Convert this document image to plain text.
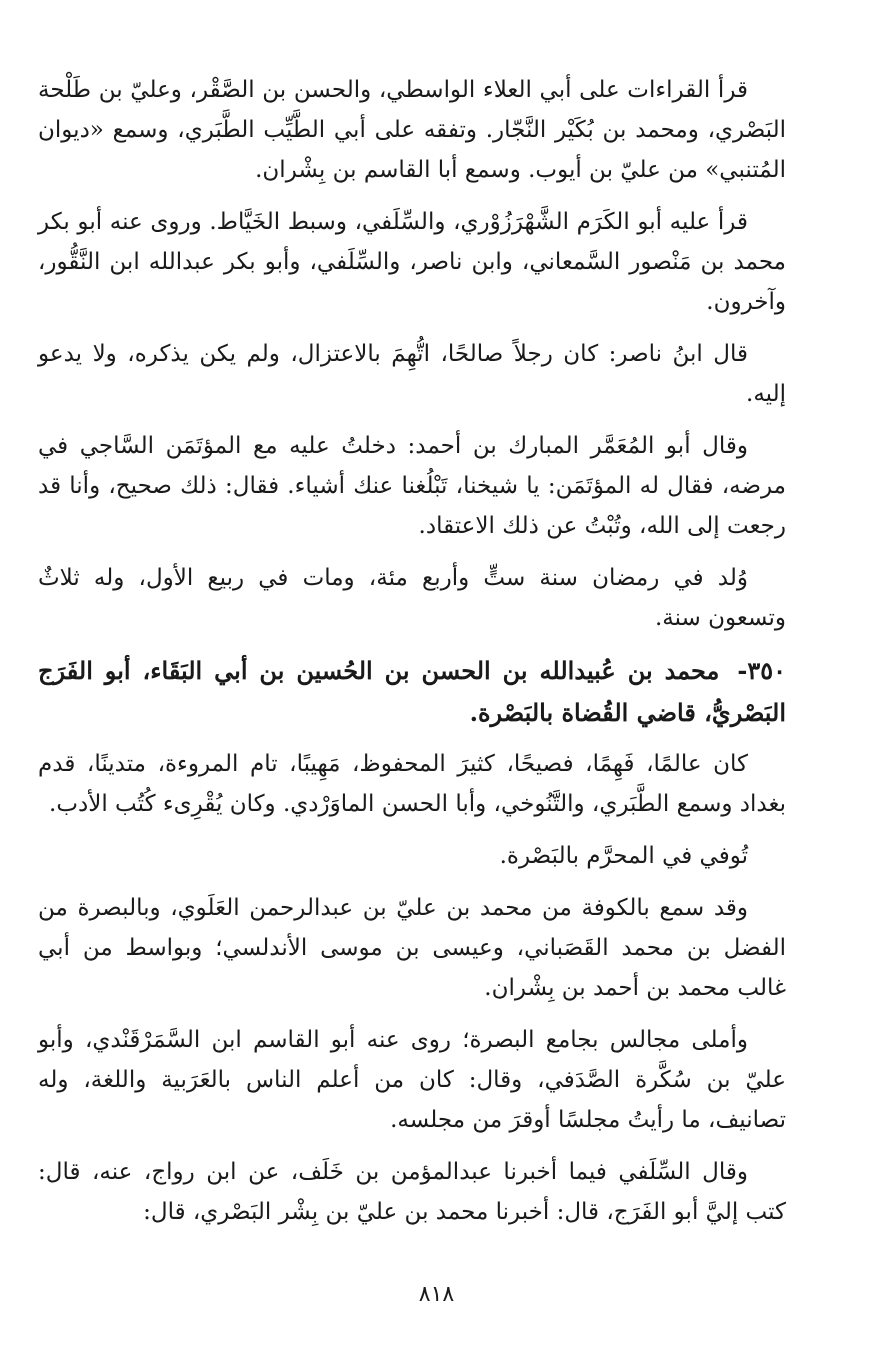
قرأ القراءات على أبي العلاء الواسطي، والحسن بن الصَّقْر، وعليّ بن طَلْحة البَصْري، ومحمد بن بُكَيْر النَّجّار. وتفقه على أبي الطَّيِّب الطَّبَري، وسمع «ديوان المُتنبي» من عليّ بن أيوب. وسمع أبا القاسم بن بِشْران.

قرأ عليه أبو الكَرَم الشَّهْرَزُوْري، والسِّلَفي، وسبط الخَيَّاط. وروى عنه أبو بكر محمد بن مَنْصور السَّمعاني، وابن ناصر، والسِّلَفي، وأبو بكر عبدالله ابن النَّقُّور، وآخرون.

قال ابنُ ناصر: كان رجلاً صالحًا، اتُّهِمَ بالاعتزال، ولم يكن يذكره، ولا يدعو إليه.

وقال أبو المُعَمَّر المبارك بن أحمد: دخلتُ عليه مع المؤتَمَن السَّاجي في مرضه، فقال له المؤتَمَن: يا شيخنا، تَبْلُغنا عنك أشياء. فقال: ذلك صحيح، وأنا قد رجعت إلى الله، وتُبْتُ عن ذلك الاعتقاد.

وُلد في رمضان سنة ستٍّ وأربع مئة، ومات في ربيع الأول، وله ثلاثٌ وتسعون سنة.

٣٥٠- محمد بن عُبيدالله بن الحسن بن الحُسين بن أبي البَقَاء، أبو الفَرَج البَصْريُّ، قاضي القُضاة بالبَصْرة.

كان عالمًا، فَهِمًا، فصيحًا، كثيرَ المحفوظ، مَهِيبًا، تام المروءة، متدينًا، قدم بغداد وسمع الطَّبَري، والتَّنُوخي، وأبا الحسن الماوَرْدي. وكان يُقْرِىء كُتُب الأدب.

تُوفي في المحرَّم بالبَصْرة.

وقد سمع بالكوفة من محمد بن عليّ بن عبدالرحمن العَلَوي، وبالبصرة من الفضل بن محمد القَصَباني، وعيسى بن موسى الأندلسي؛ وبواسط من أبي غالب محمد بن أحمد بن بِشْران.

وأملى مجالس بجامع البصرة؛ روى عنه أبو القاسم ابن السَّمَرْقَنْدي، وأبو عليّ بن سُكَّرة الصَّدَفي، وقال: كان من أعلم الناس بالعَرَبية واللغة، وله تصانيف، ما رأيتُ مجلسًا أوقرَ من مجلسه.

وقال السِّلَفي فيما أخبرنا عبدالمؤمن بن خَلَف، عن ابن رواج، عنه، قال: كتب إليَّ أبو الفَرَج، قال: أخبرنا محمد بن عليّ بن بِشْر البَصْري، قال:

٨١٨
